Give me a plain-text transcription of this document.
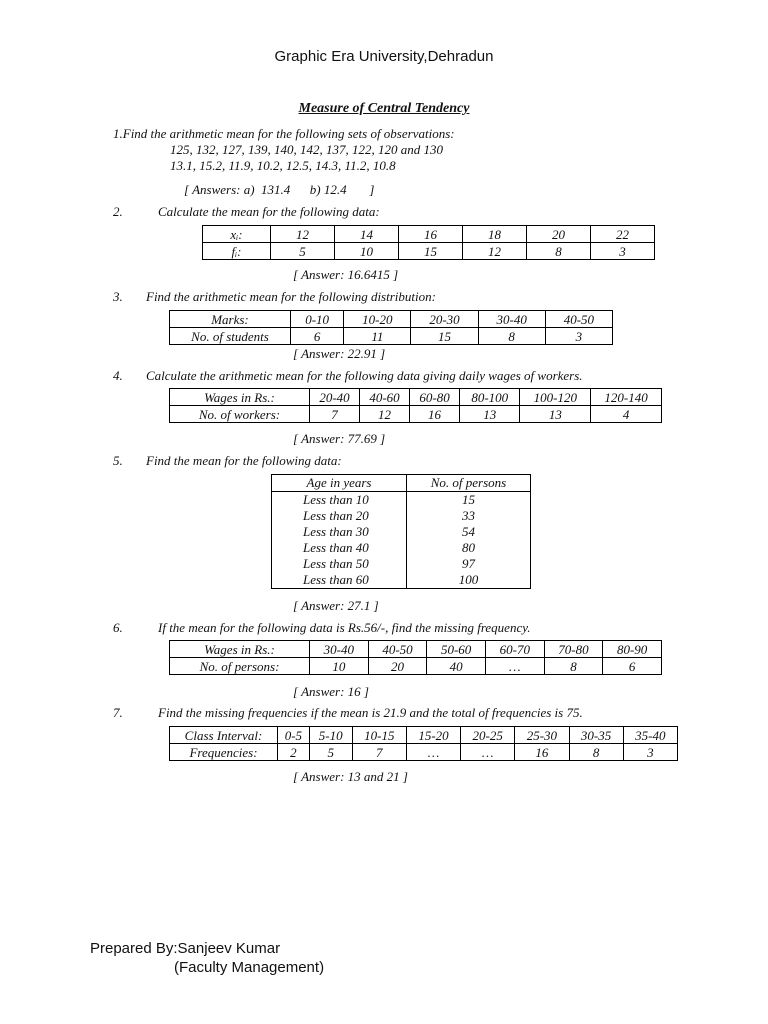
Graphic Era University,Dehradun
Measure of Central Tendency
1.Find the arithmetic mean for the following sets of observations:
125, 132, 127, 139, 140, 142, 137, 122, 120 and 130
13.1, 15.2, 11.9, 10.2, 12.5, 14.3, 11.2, 10.8
[ Answers: a)  131.4      b) 12.4       ]
2.	Calculate the mean for the following data:
xᵢ:	12	14	16	18	20	22
fᵢ:	5	10	15	12	8	3
[ Answer: 16.6415 ]
3. Find the arithmetic mean for the following distribution:
Marks:	0-10	10-20	20-30	30-40	40-50
No. of students	6	11	15	8	3
[ Answer: 22.91 ]
4. Calculate the arithmetic mean for the following data giving daily wages of workers.
Wages in Rs.:	20-40	40-60	60-80	80-100	100-120	120-140
No. of workers:	7	12	16	13	13	4
[ Answer: 77.69 ]
5. Find the mean for the following data:
Age in years	No. of persons
Less than 10	15
Less than 20	33
Less than 30	54
Less than 40	80
Less than 50	97
Less than 60	100
[ Answer: 27.1 ]
6.	If the mean for the following data is Rs.56/-, find the missing frequency.
Wages in Rs.:	30-40	40-50	50-60	60-70	70-80	80-90
No. of persons:	10	20	40	…	8	6
[ Answer: 16 ]
7.	Find the missing frequencies if the mean is 21.9 and the total of frequencies is 75.
Class Interval:	0-5	5-10	10-15	15-20	20-25	25-30	30-35	35-40
Frequencies:	2	5	7	…	…	16	8	3
[ Answer: 13 and 21 ]
Prepared By:Sanjeev Kumar
(Faculty Management)
